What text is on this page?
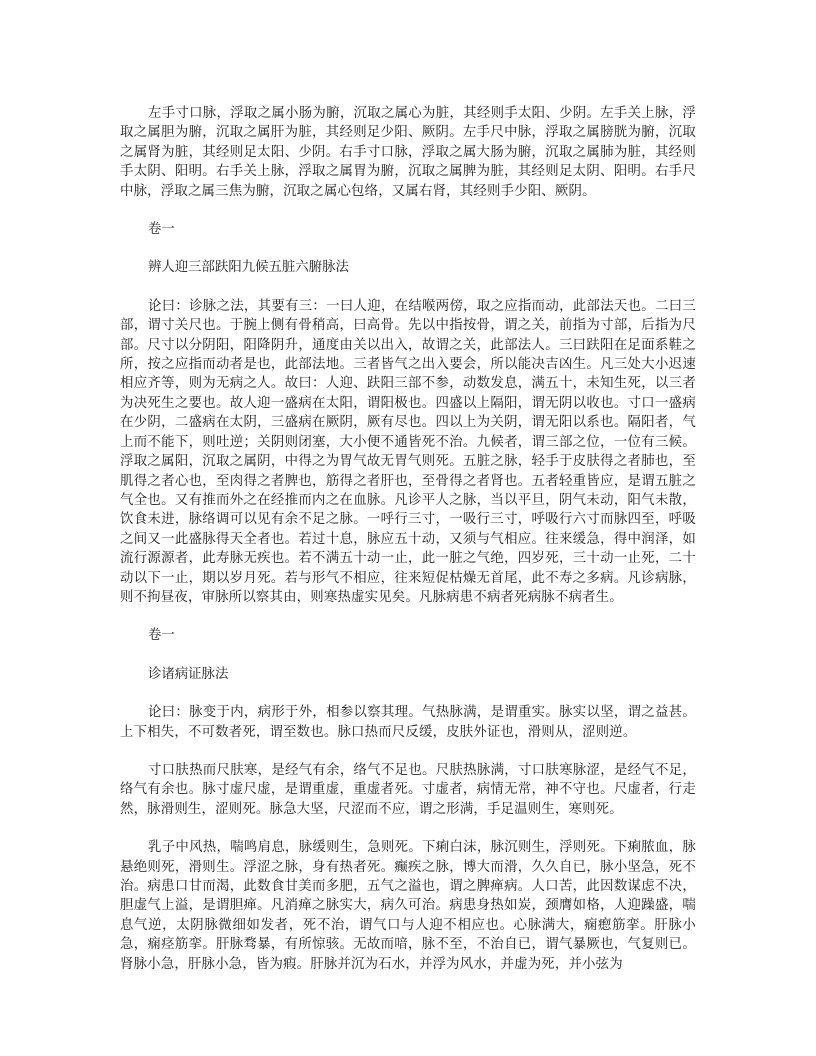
左手寸口脉，浮取之属小肠为腑，沉取之属心为脏，其经则手太阳、少阴。左手关上脉，浮取之属胆为腑，沉取之属肝为脏，其经则足少阳、厥阴。左手尺中脉，浮取之属膀胱为腑，沉取之属肾为脏，其经则足太阳、少阴。右手寸口脉，浮取之属大肠为腑，沉取之属肺为脏，其经则手太阴、阳明。右手关上脉，浮取之属胃为腑，沉取之属脾为脏，其经则足太阴、阳明。右手尺中脉，浮取之属三焦为腑，沉取之属心包络，又属右肾，其经则手少阳、厥阴。

卷一

辨人迎三部趺阳九候五脏六腑脉法

论曰：诊脉之法，其要有三：一曰人迎，在结喉两傍，取之应指而动，此部法天也。二曰三部，谓寸关尺也。于腕上侧有骨稍高，曰高骨。先以中指按骨，谓之关，前指为寸部，后指为尺部。尺寸以分阴阳，阳降阴升，通度由关以出入，故谓之关，此部法人。三曰趺阳在足面系鞋之所，按之应指而动者是也，此部法地。三者皆气之出入要会，所以能决吉凶生。凡三处大小迟速相应齐等，则为无病之人。故曰：人迎、趺阳三部不参，动数发息，满五十，未知生死，以三者为决死生之要也。故人迎一盛病在太阳，谓阳极也。四盛以上隔阳，谓无阴以收也。寸口一盛病在少阴，二盛病在太阴，三盛病在厥阴，厥有尽也。四以上为关阴，谓无阳以系也。隔阳者，气上而不能下，则吐逆；关阴则闭塞，大小便不通皆死不治。九候者，谓三部之位，一位有三候。浮取之属阳，沉取之属阴，中得之为胃气故无胃气则死。五脏之脉，轻手于皮肤得之者肺也，至肌得之者心也，至肉得之者脾也，筋得之者肝也，至骨得之者肾也。五者轻重皆应，是谓五脏之气全也。又有推而外之在经推而内之在血脉。凡诊平人之脉，当以平旦，阴气未动，阳气未散，饮食未进，脉络调可以见有余不足之脉。一呼行三寸，一吸行三寸，呼吸行六寸而脉四至，呼吸之间又一此盛脉得天全者也。若过十息，脉应五十动，又须与气相应。往来缓急，得中润泽，如流行源源者，此寿脉无疾也。若不满五十动一止，此一脏之气绝，四岁死，三十动一止死，二十动以下一止，期以岁月死。若与形气不相应，往来短促枯燥无首尾，此不寿之多病。凡诊病脉，则不拘昼夜，审脉所以察其由，则寒热虚实见矣。凡脉病患不病者死病脉不病者生。

卷一

诊诸病证脉法

论曰：脉变于内，病形于外，相参以察其理。气热脉满，是谓重实。脉实以坚，谓之益甚。上下相失，不可数者死，谓至数也。脉口热而尺反缓，皮肤外证也，滑则从，涩则逆。

寸口肤热而尺肤寒，是经气有余，络气不足也。尺肤热脉满，寸口肤寒脉涩，是经气不足，络气有余也。脉寸虚尺虚，是谓重虚，重虚者死。寸虚者，病情无常，神不守也。尺虚者，行走 然，脉滑则生，涩则死。脉急大坚，尺涩而不应，谓之形满，手足温则生，寒则死。

乳子中风热，喘鸣肩息，脉缓则生，急则死。下痢白沫，脉沉则生，浮则死。下痢脓血，脉悬绝则死，滑则生。浮涩之脉，身有热者死。癫疾之脉，博大而滑，久久自已，脉小坚急，死不治。病患口甘而渴，此数食甘美而多肥，五气之溢也，谓之脾瘅病。人口苦，此因数谋虑不决，胆虚气上溢，是谓胆瘅。凡消瘅之脉实大，病久可治。病患身热如炭，颈膺如格，人迎躁盛，喘息气逆，太阴脉微细如发者，死不治，谓气口与人迎不相应也。心脉满大，痫瘛筋挛。肝脉小急，痫痉筋挛。肝脉骛暴，有所惊骇。无故而喑，脉不至，不治自已，谓气暴厥也，气复则已。肾脉小急，肝脉小急，皆为瘕。肝脉并沉为石水，并浮为风水，并虚为死，并小弦为
